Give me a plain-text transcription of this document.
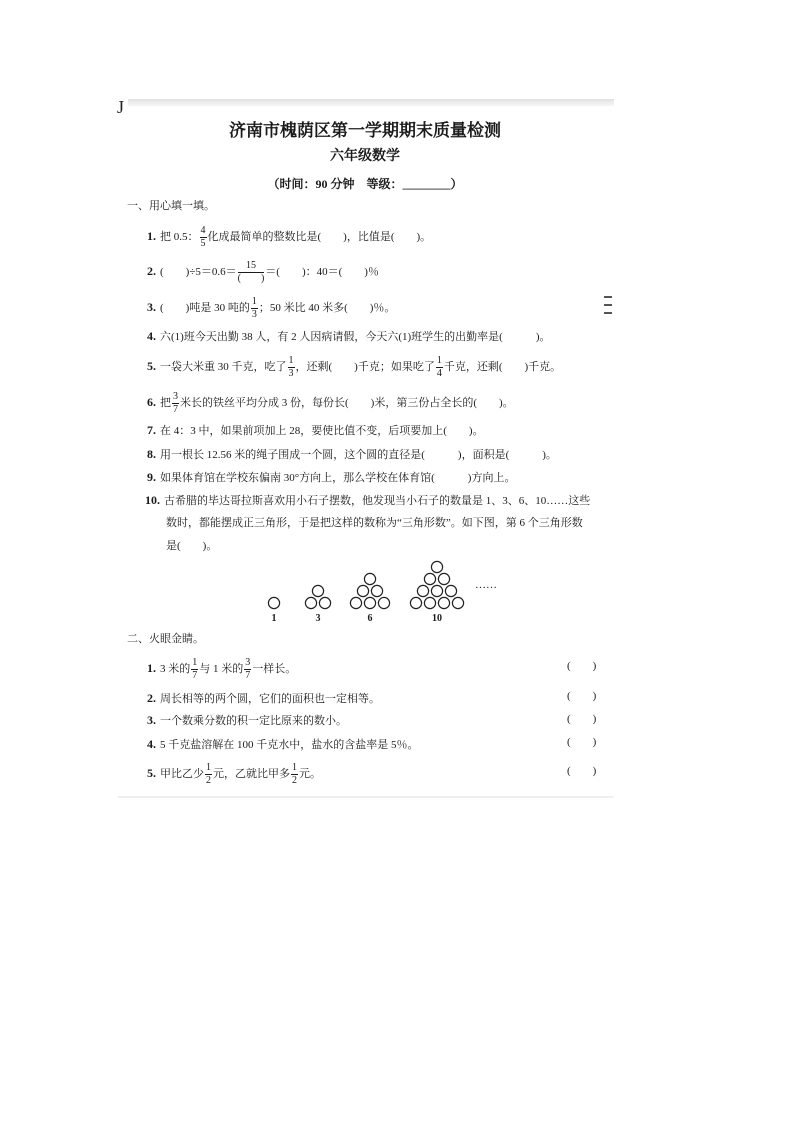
J
济南市槐荫区第一学期期末质量检测
六年级数学
（时间：90 分钟　等级：________）
一、用心填一填。
1. 把 0.5： $\frac{4}{5}$ 化成最简单的整数比是(　　)，比值是(　　)。
2. (　　)$\div 5=0.6= \frac{15}{( )}$ ＝(　　)：40＝(　　)％
3. (　　)吨是 30 吨的 $\frac{1}{3}$ ；50 米比 40 米多(　　)％。
4. 六(1)班今天出勤 38 人，有 2 人因病请假，今天六(1)班学生的出勤率是(　　　)。
5. 一袋大米重 30 千克，吃了 $\frac{1}{3}$ ，还剩(　　)千克；如果吃了 $\frac{1}{4}$ 千克，还剩(　　)千克。
6. 把 $\frac{3}{7}$ 米长的铁丝平均分成 3 份，每份长(　　)米，第三份占全长的(　　)。
7. 在 4：3 中，如果前项加上 28，要使比值不变，后项要加上(　　)。
8. 用一根长 12.56 米的绳子围成一个圆，这个圆的直径是(　　　)，面积是(　　　)。
9. 如果体育馆在学校东偏南 30°方向上，那么学校在体育馆(　　　)方向上。
10. 古希腊的毕达哥拉斯喜欢用小石子摆数，他发现当小石子的数量是 1、3、6、10……这些
数时，都能摆成正三角形，于是把这样的数称为“三角形数”。如下图，第 6 个三角形数
是(　　)。
1	3	6	10
……
二、火眼金睛。
1. 3 米的 $\frac{1}{7}$ 与 1 米的 $\frac{3}{7}$ 一样长。	(　　)
2. 周长相等的两个圆，它们的面积也一定相等。	(　　)
3. 一个数乘分数的积一定比原来的数小。	(　　)
4. 5 千克盐溶解在 100 千克水中，盐水的含盐率是 5％。	(　　)
5. 甲比乙少 $\frac{1}{2}$ 元，乙就比甲多 $\frac{1}{2}$ 元。	(　　)
